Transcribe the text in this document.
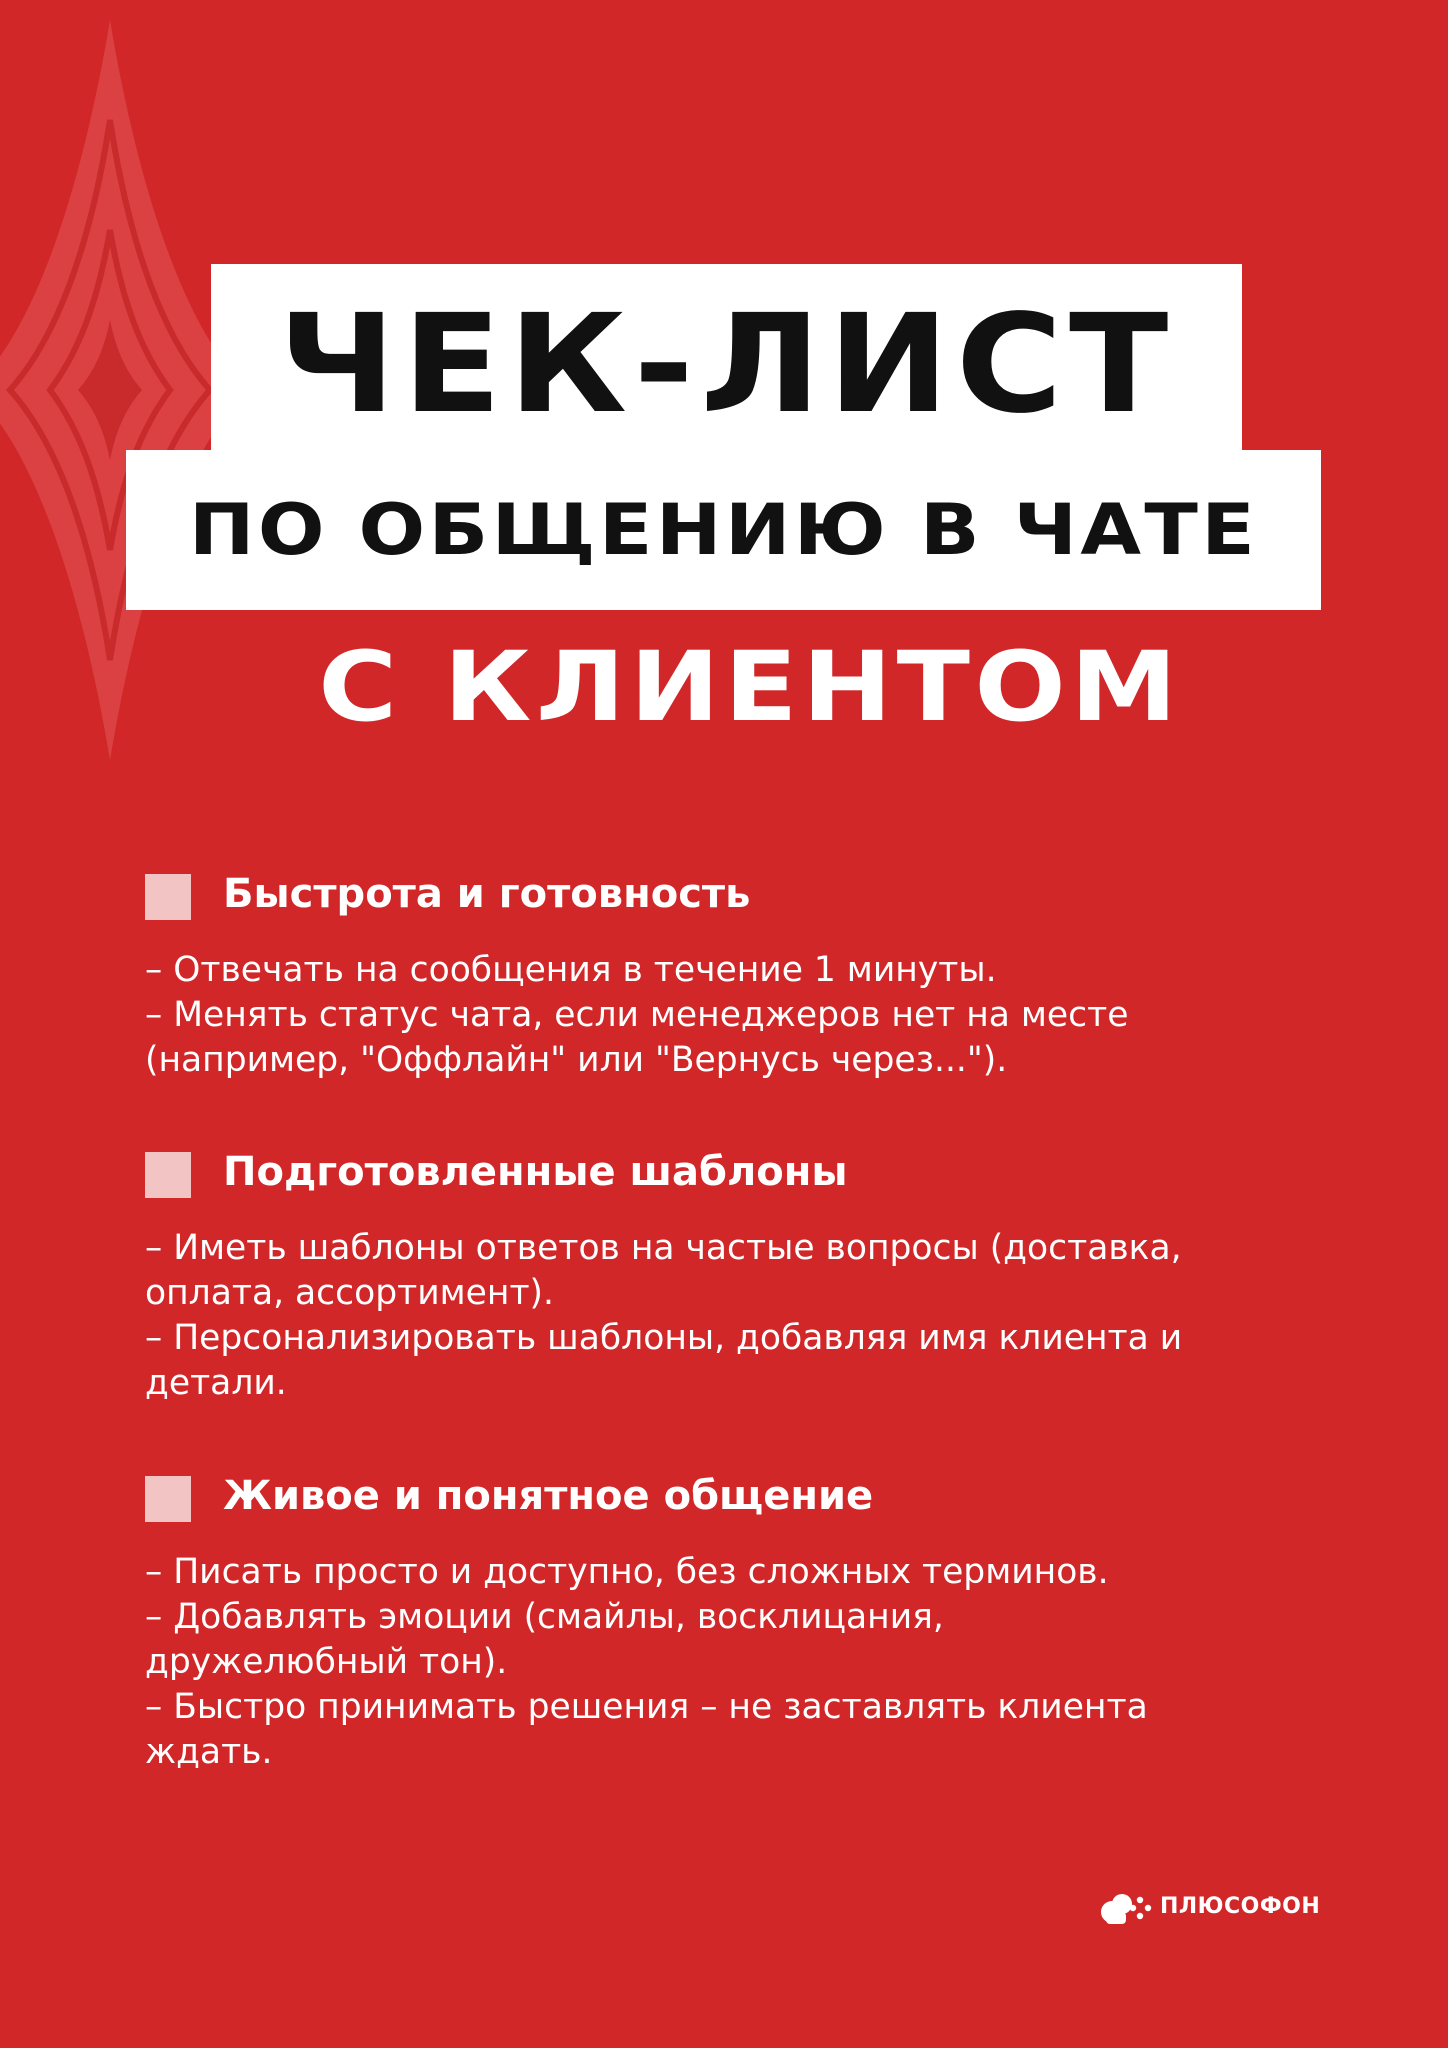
ЧЕК-ЛИСТ
ПО ОБЩЕНИЮ В ЧАТЕ
С КЛИЕНТОМ
Быстрота и готовность
– Отвечать на сообщения в течение 1 минуты.
– Менять статус чата, если менеджеров нет на месте
(например, "Оффлайн" или "Вернусь через...").
Подготовленные шаблоны
– Иметь шаблоны ответов на частые вопросы (доставка,
оплата, ассортимент).
– Персонализировать шаблоны, добавляя имя клиента и
детали.
Живое и понятное общение
– Писать просто и доступно, без сложных терминов.
– Добавлять эмоции (смайлы, восклицания,
дружелюбный тон).
– Быстро принимать решения – не заставлять клиента
ждать.
ПЛЮСОФОН
